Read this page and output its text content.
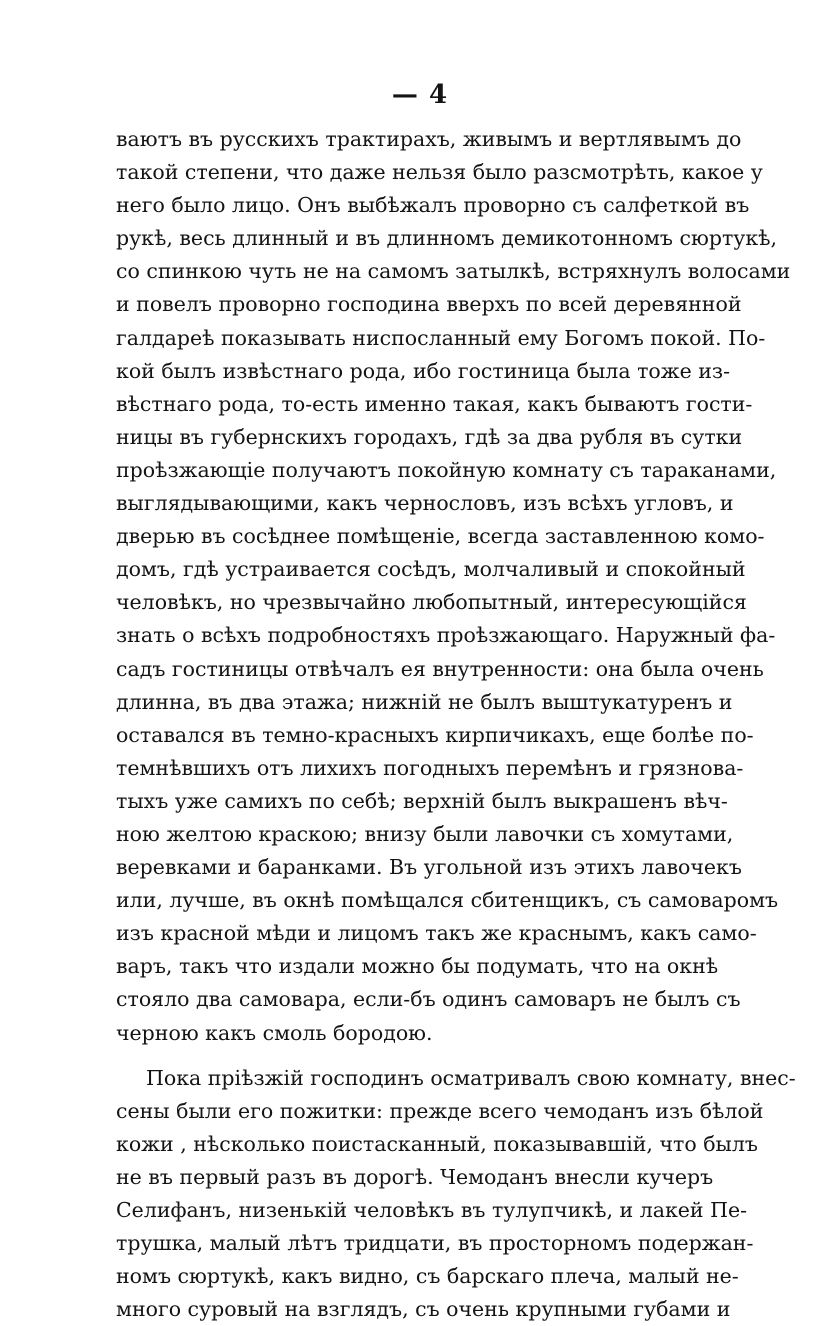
— 4
ваютъ въ русскихъ трактирахъ, живымъ и вертлявымъ до
такой степени, что даже нельзя было разсмотрѣть, какое у
него было лицо. Онъ выбѣжалъ проворно съ салфеткой въ
рукѣ, весь длинный и въ длинномъ демикотонномъ сюртукѣ,
со спинкою чуть не на самомъ затылкѣ, встряхнулъ волосами
и повелъ проворно господина вверхъ по всей деревянной
галдареѣ показывать ниспосланный ему Богомъ покой. По-
кой былъ извѣстнаго рода, ибо гостиница была тоже из-
вѣстнаго рода, то-есть именно такая, какъ бываютъ гости-
ницы въ губернскихъ городахъ, гдѣ за два рубля въ сутки
проѣзжающіе получаютъ покойную комнату съ тараканами,
выглядывающими, какъ чернословъ, изъ всѣхъ угловъ, и
дверью въ сосѣднее помѣщеніе, всегда заставленною комо-
домъ, гдѣ устраивается сосѣдъ, молчаливый и спокойный
человѣкъ, но чрезвычайно любопытный, интересующійся
знать о всѣхъ подробностяхъ проѣзжающаго. Наружный фа-
садъ гостиницы отвѣчалъ ея внутренности: она была очень
длинна, въ два этажа; нижній не былъ выштукатуренъ и
оставался въ темно-красныхъ кирпичикахъ, еще болѣе по-
темнѣвшихъ отъ лихихъ погодныхъ перемѣнъ и грязнова-
тыхъ уже самихъ по себѣ; верхній былъ выкрашенъ вѣч-
ною желтою краскою; внизу были лавочки съ хомутами,
веревками и баранками. Въ угольной изъ этихъ лавочекъ
или, лучше, въ окнѣ помѣщался сбитенщикъ, съ самоваромъ
изъ красной мѣди и лицомъ такъ же краснымъ, какъ само-
варъ, такъ что издали можно бы подумать, что на окнѣ
стояло два самовара, если-бъ одинъ самоваръ не былъ съ
черною какъ смоль бородою.
Пока пріѣзжій господинъ осматривалъ свою комнату, внес-
сены были его пожитки: прежде всего чемоданъ изъ бѣлой
кожи , нѣсколько поистасканный, показывавшій, что былъ
не въ первый разъ въ дорогѣ. Чемоданъ внесли кучеръ
Селифанъ, низенькій человѣкъ въ тулупчикѣ, и лакей Пе-
трушка, малый лѣтъ тридцати, въ просторномъ подержан-
номъ сюртукѣ, какъ видно, съ барскаго плеча, малый не-
много суровый на взглядъ, съ очень крупными губами и
